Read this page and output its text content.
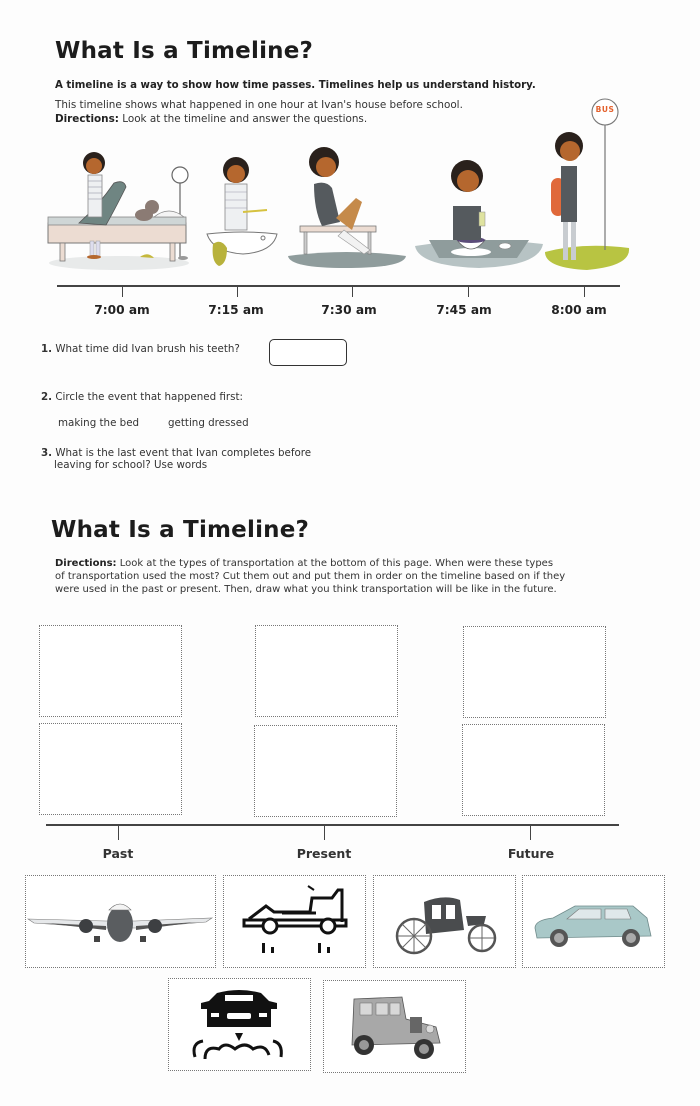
What Is a Timeline?
A timeline is a way to show how time passes. Timelines help us understand history.
This timeline shows what happened in one hour at Ivan's house before school.
Directions: Look at the timeline and answer the questions.
BUS
7:00 am	7:15 am	7:30 am	7:45 am	8:00 am
1. What time did Ivan brush his teeth?
2. Circle the event that happened first:
making the bed	getting dressed
3. What is the last event that Ivan completes before
leaving for school? Use words
What Is a Timeline?
Directions: Look at the types of transportation at the bottom of this page. When were these types
of transportation used the most? Cut them out and put them in order on the timeline based on if they
were used in the past or present. Then, draw what you think transportation will be like in the future.
Past	Present	Future
